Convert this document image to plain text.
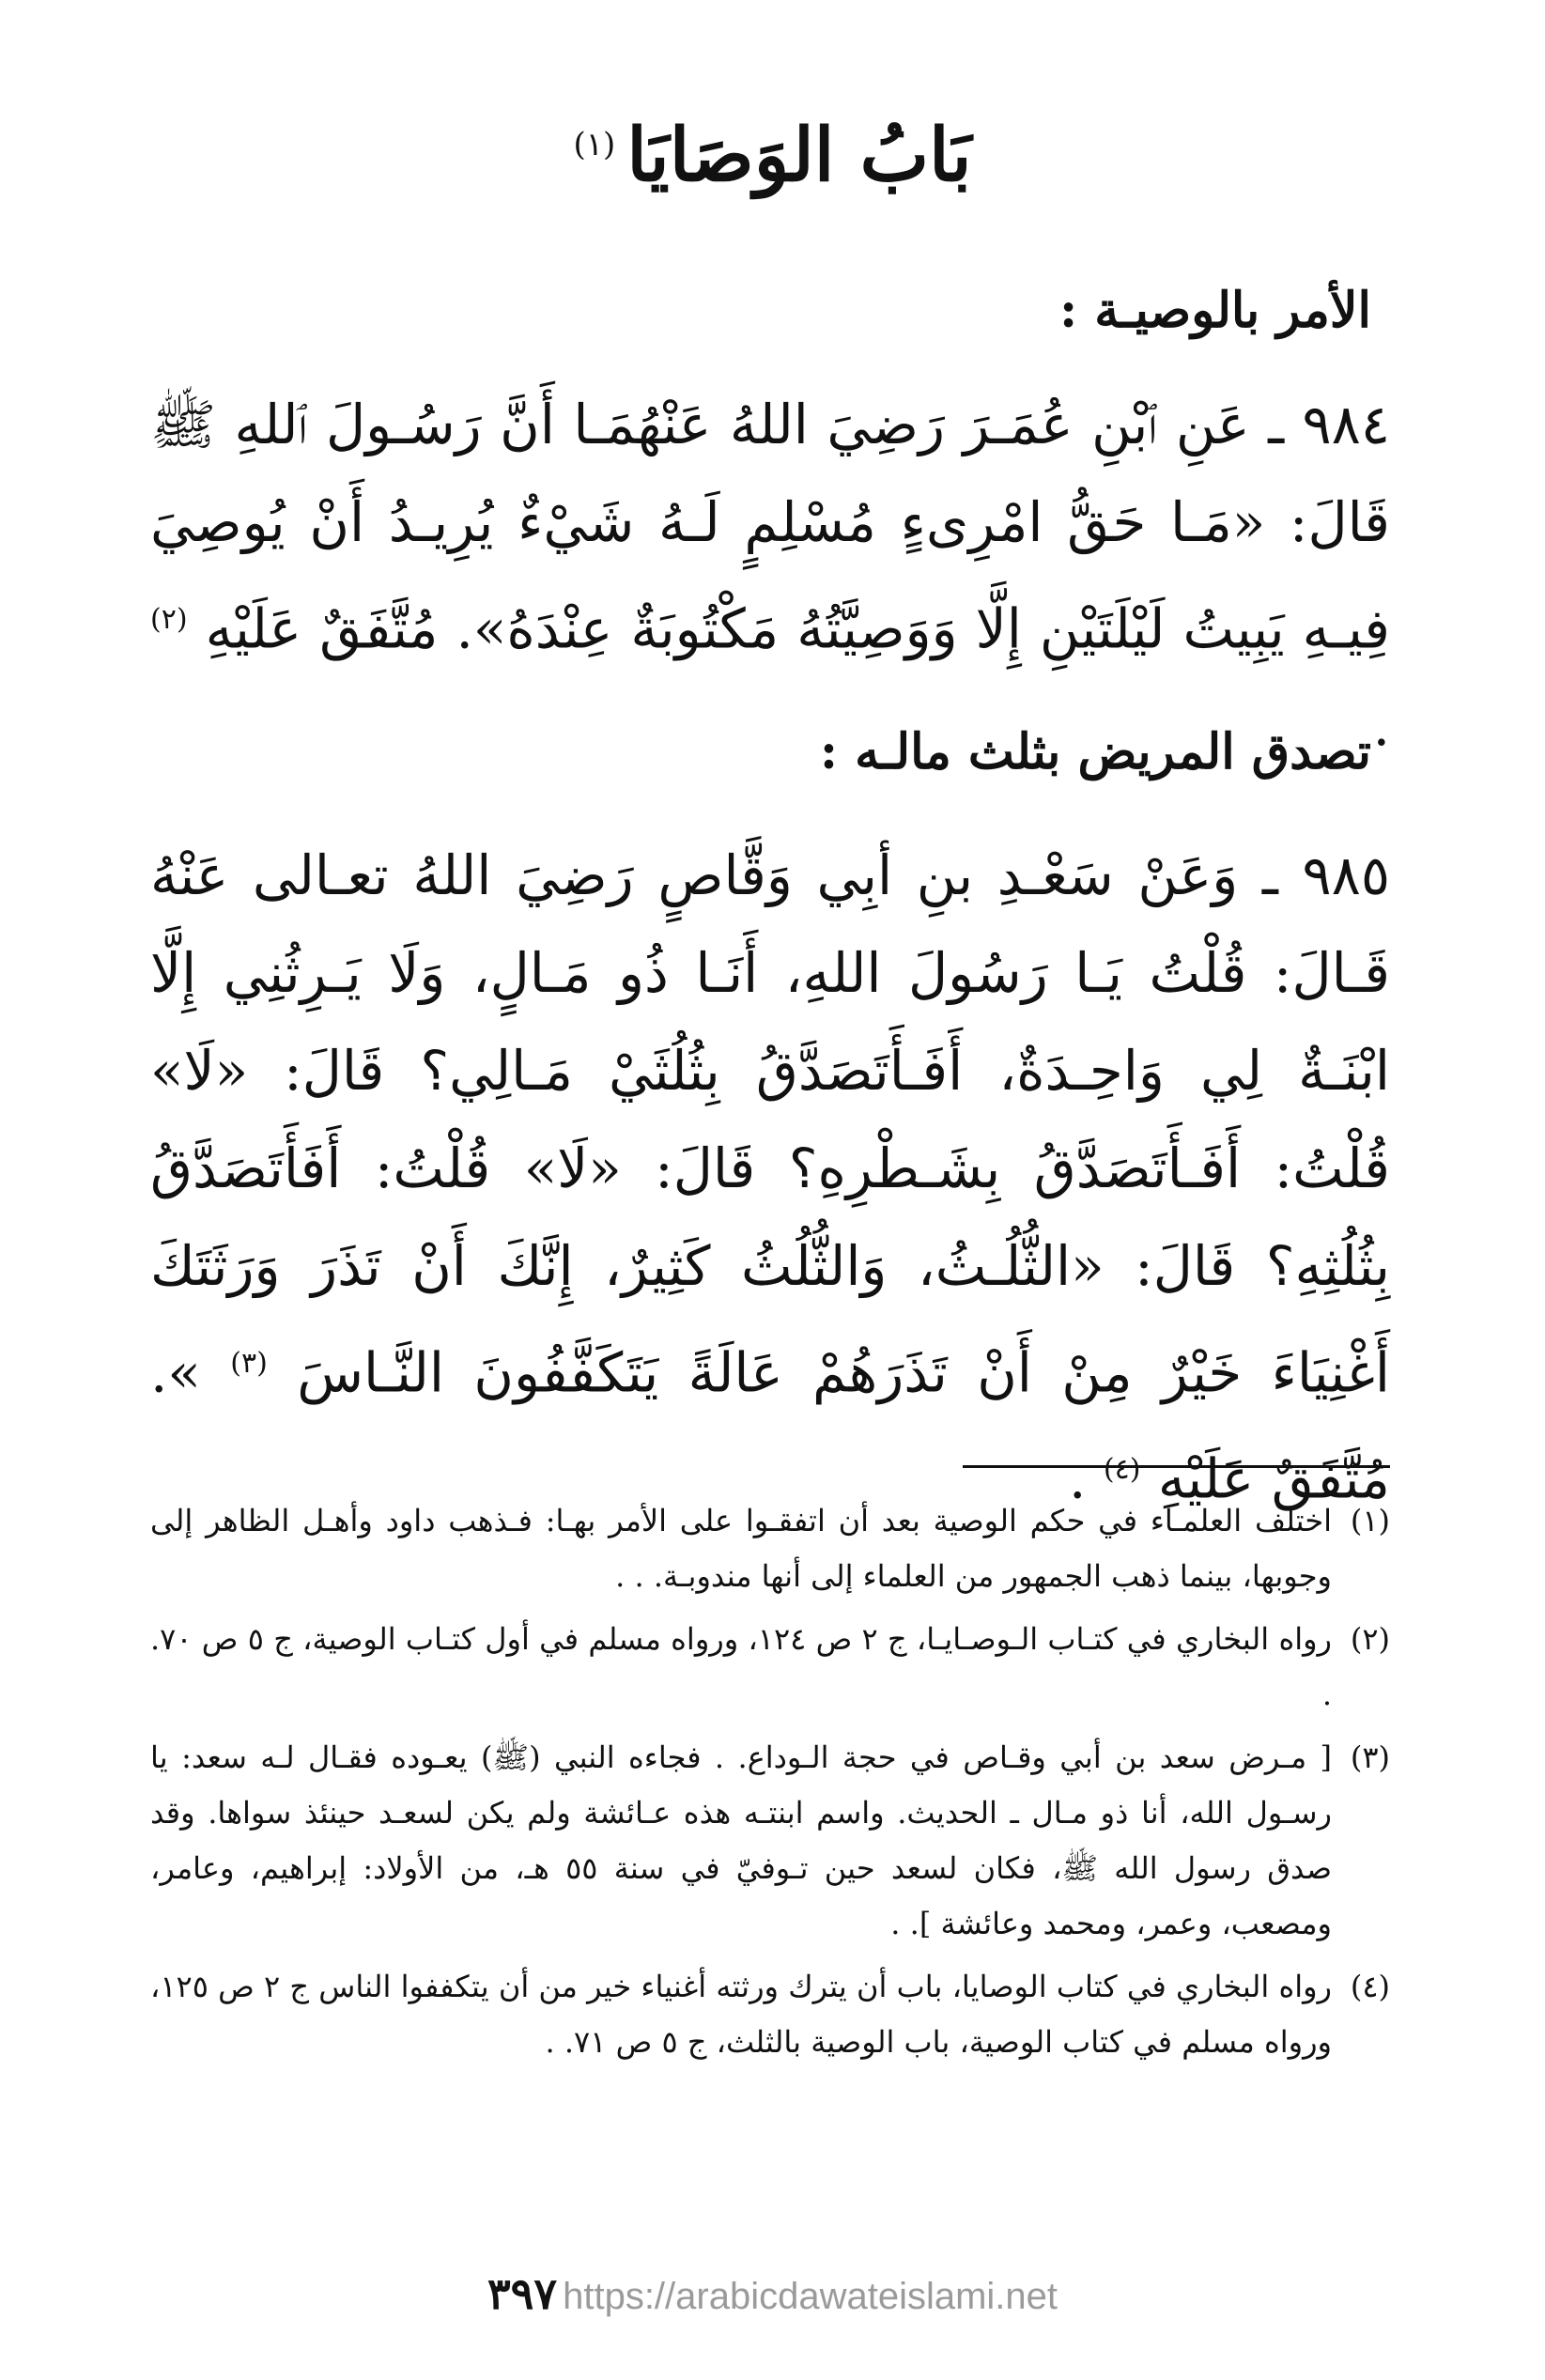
بَابُ الوَصَايَا$^{(١)}$
الأمر بالوصيـة :
٩٨٤ ـ عَنِ ٱبْنِ عُمَـرَ رَضِيَ اللهُ عَنْهُمَـا أَنَّ رَسُـولَ ٱللهِ ﷺ قَالَ: «مَـا حَقُّ امْرِىءٍ مُسْلِمٍ لَـهُ شَيْءٌ يُرِيـدُ أَنْ يُوصِيَ فِيـهِ يَبِيتُ لَيْلَتَيْنِ إِلَّا وَوَصِيَّتُهُ مَكْتُوبَةٌ عِنْدَهُ». مُتَّفَقٌ عَلَيْهِ $^{(٢)}$ .
تصدق المريض بثلث مالـه :
٩٨٥ ـ وَعَنْ سَعْـدِ بنِ أبِي وَقَّاصٍ رَضِيَ اللهُ تعـالى عَنْهُ قَـالَ: قُلْتُ يَـا رَسُولَ اللهِ، أَنَـا ذُو مَـالٍ، وَلَا يَـرِثُنِي إِلَّا ابْنَـةٌ لِي وَاحِـدَةٌ، أَفَـأَتَصَدَّقُ بِثُلُثَيْ مَـالِي؟ قَالَ: «لَا» قُلْتُ: أَفَـأَتَصَدَّقُ بِشَـطْرِهِ؟ قَالَ: «لَا» قُلْتُ: أَفَأَتَصَدَّقُ بِثُلُثِهِ؟ قَالَ: «الثُّلُـثُ، وَالثُّلُثُ كَثِيرٌ، إِنَّكَ أَنْ تَذَرَ وَرَثَتَكَ أَغْنِيَاءَ خَيْرٌ مِنْ أَنْ تَذَرَهُمْ عَالَةً يَتَكَفَّفُونَ النَّـاسَ $^{(٣)}$ ». مُتَّفَقٌ عَلَيْهِ $^{(٤)}$ .
(١)
اختلف العلمـاء في حكم الوصية بعد أن اتفقـوا على الأمر بهـا: فـذهب داود وأهـل الظاهر إلى وجوبها، بينما ذهب الجمهور من العلماء إلى أنها مندوبـة. . .
(٢)
رواه البخاري في كتـاب الـوصـايـا، ج ٢ ص ١٢٤، ورواه مسلم في أول كتـاب الوصية، ج ٥ ص ٧٠. .
(٣)
[ مـرض سعد بن أبي وقـاص في حجة الـوداع. . فجاءه النبي (ﷺ) يعـوده فقـال لـه سعد: يا رسـول الله، أنا ذو مـال ـ الحديث. واسم ابنتـه هذه عـائشة ولم يكن لسعـد حينئذ سواها. وقد صدق رسول الله ﷺ، فكان لسعد حين تـوفيّ في سنة ٥٥ هـ، من الأولاد: إبراهيم، وعامر، ومصعب، وعمر، ومحمد وعائشة ]. .
(٤)
رواه البخاري في كتاب الوصايا، باب أن يترك ورثته أغنياء خير من أن يتكففوا الناس ج ٢ ص ١٢٥، ورواه مسلم في كتاب الوصية، باب الوصية بالثلث، ج ٥ ص ٧١. .
٣٩٧ https://arabicdawateislami.net
